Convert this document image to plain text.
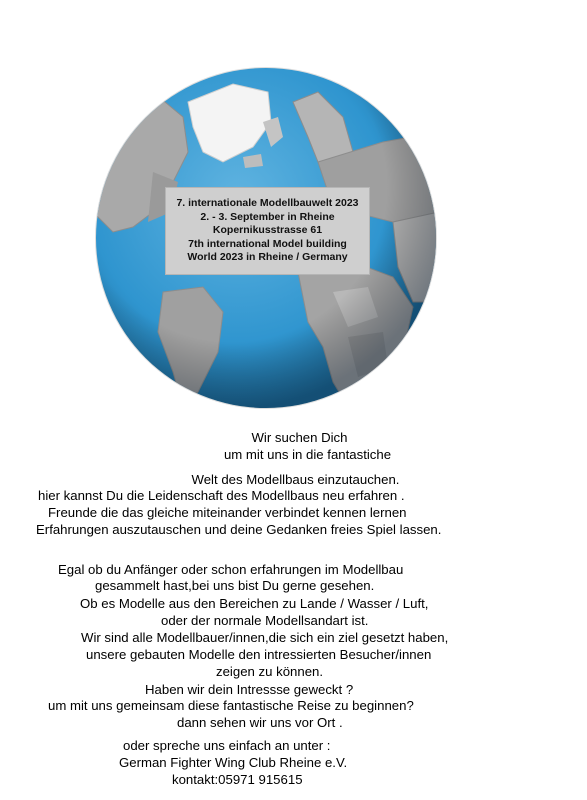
7. internationale Modellbauwelt 2023
2. - 3. September in Rheine
Kopernikusstrasse 61
7th international Model building
World 2023 in Rheine / Germany
Wir suchen Dich
um mit uns in die fantastiche
Welt des Modellbaus einzutauchen.
hier kannst Du die Leidenschaft des Modellbaus neu erfahren .
Freunde die das gleiche miteinander verbindet kennen lernen
Erfahrungen auszutauschen und deine Gedanken freies Spiel lassen.
Egal ob du Anfänger oder schon erfahrungen im Modellbau
gesammelt hast,bei uns bist Du gerne gesehen.
Ob es Modelle aus den Bereichen zu Lande / Wasser / Luft,
oder der normale Modellsandart ist.
Wir sind alle Modellbauer/innen,die sich ein ziel gesetzt haben,
unsere gebauten Modelle den intressierten Besucher/innen
zeigen zu können.
Haben wir dein Intressse geweckt ?
um mit uns gemeinsam diese fantastische Reise zu beginnen?
dann sehen wir uns vor Ort .
oder spreche uns einfach an unter :
German Fighter Wing Club Rheine e.V.
kontakt:05971 915615
